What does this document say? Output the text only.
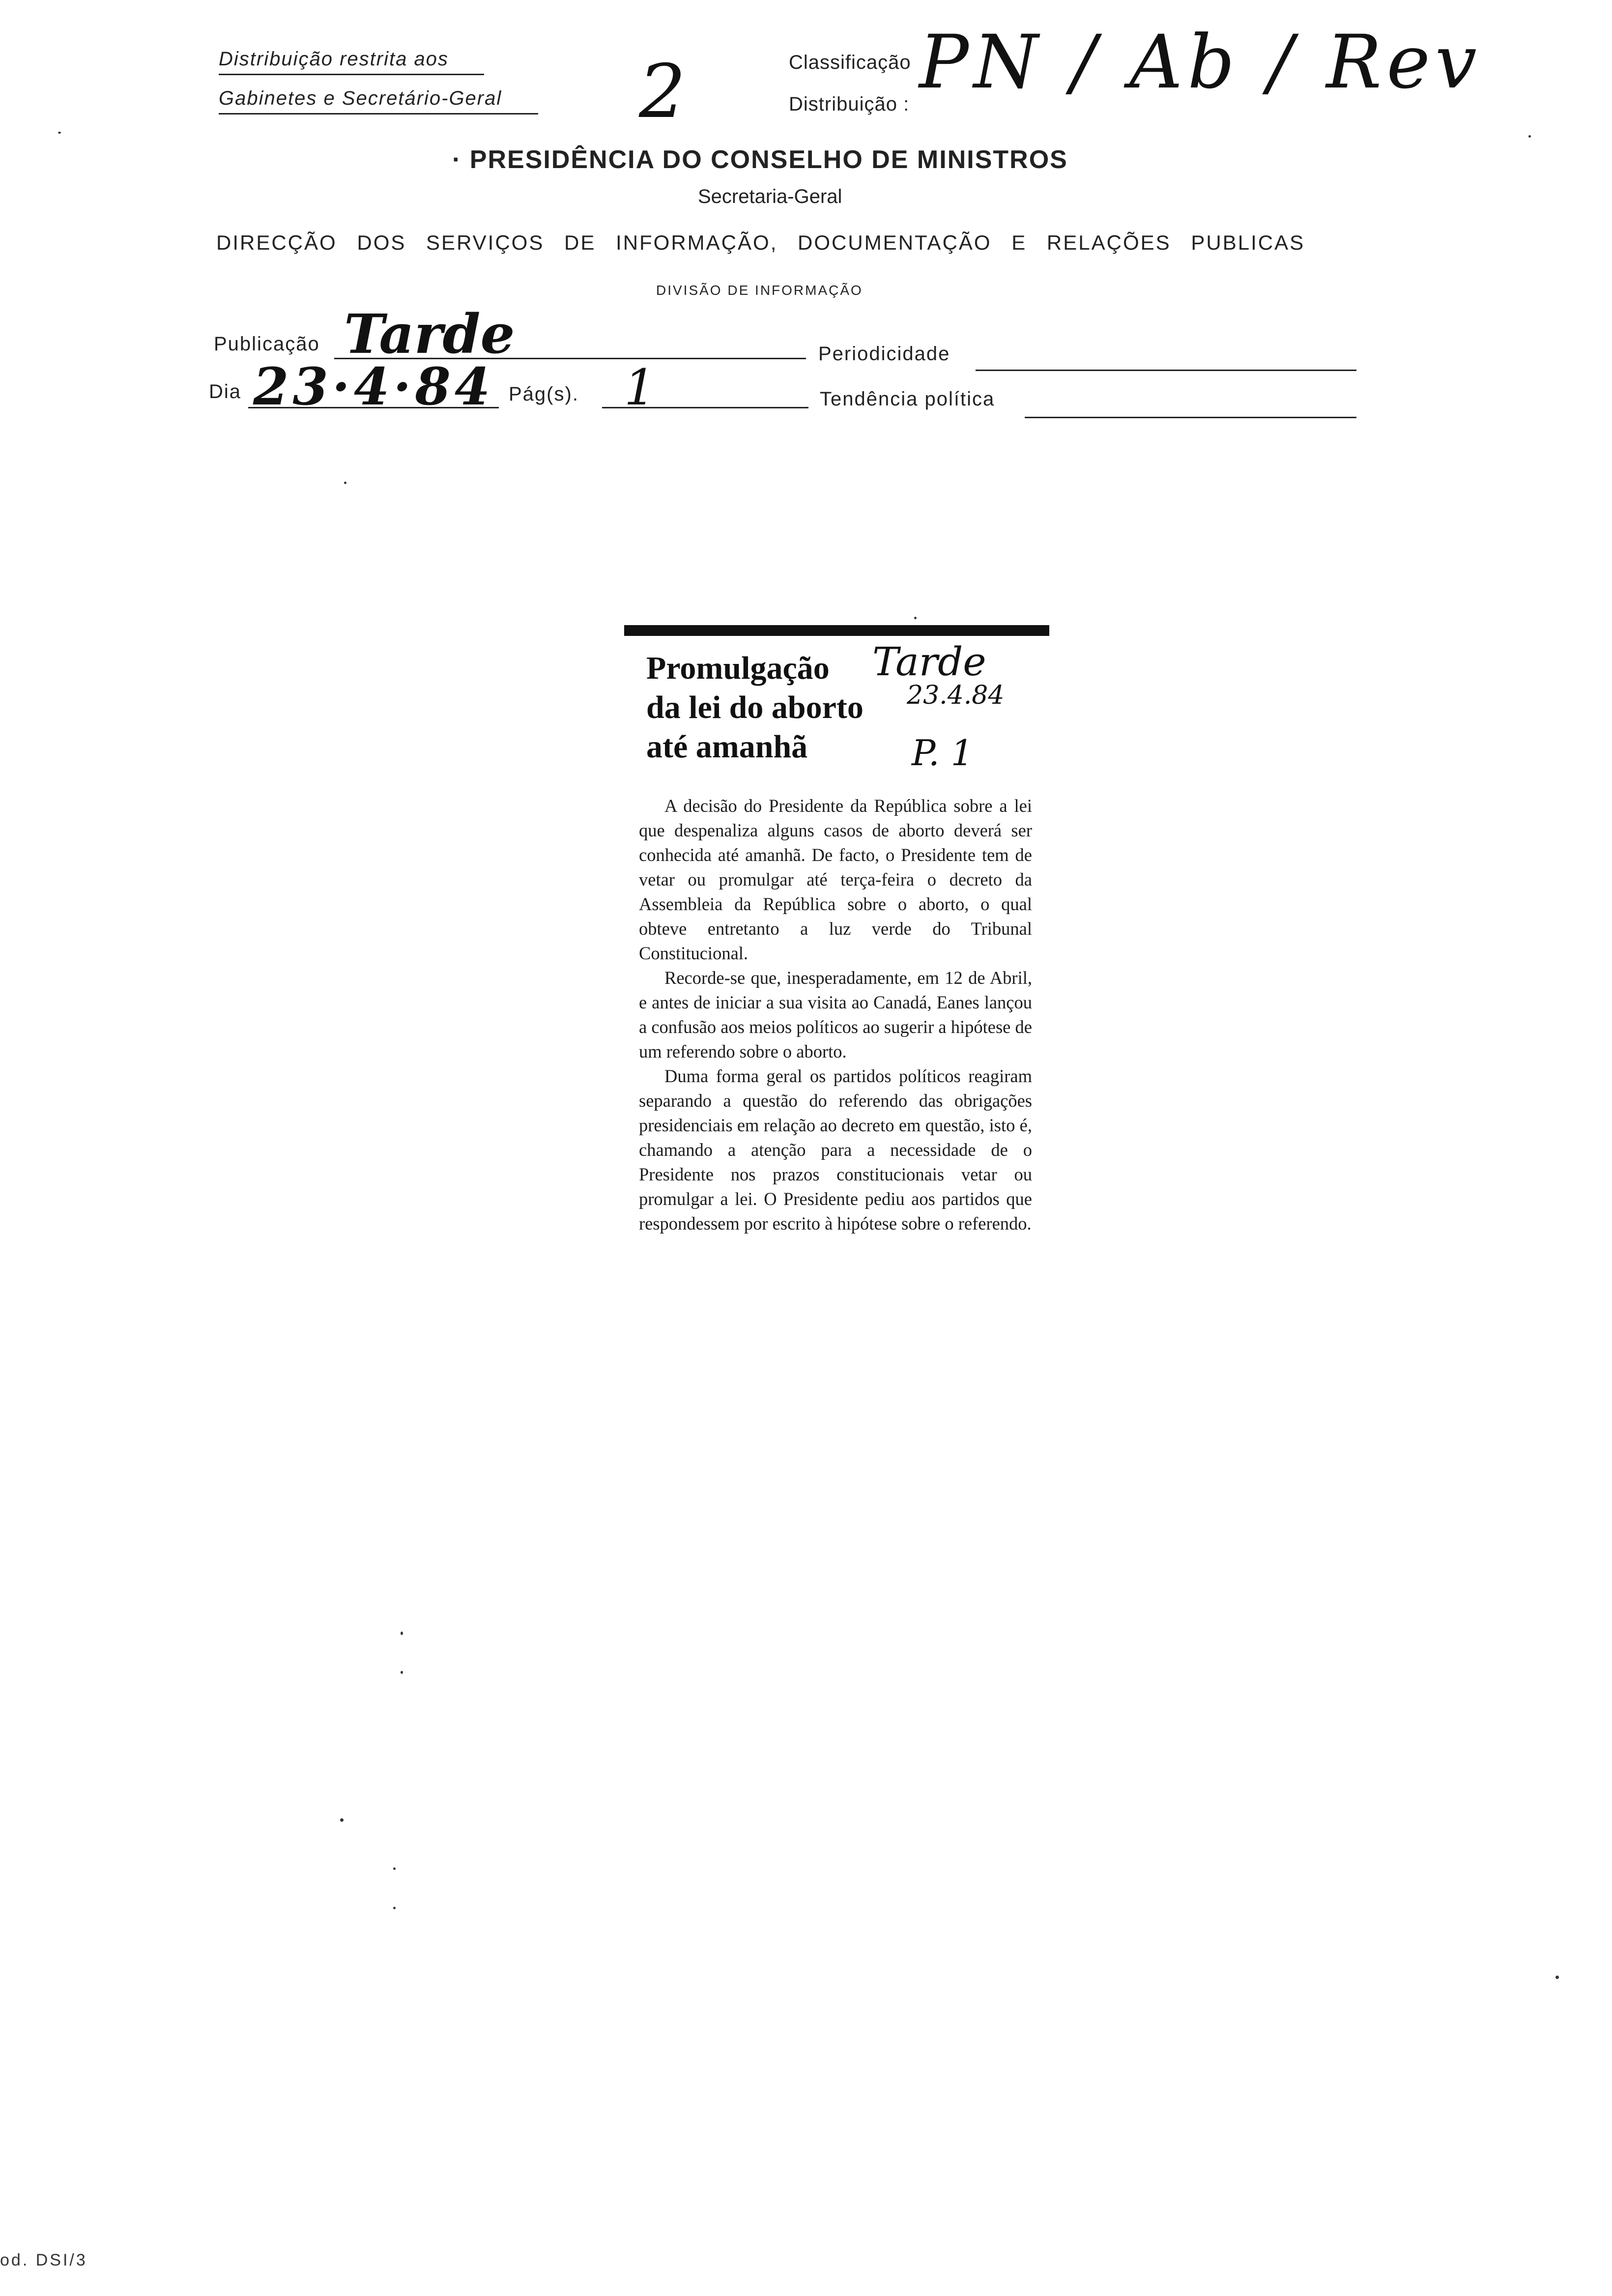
Distribuição restrita aos
Gabinetes e Secretário-Geral 2	Classificação
Distribuição : PN / Ab / Rev
· PRESIDÊNCIA DO CONSELHO DE MINISTROS
Secretaria-Geral
DIRECÇÃO DOS SERVIÇOS DE INFORMAÇÃO, DOCUMENTAÇÃO E RELAÇÕES PUBLICAS
DIVISÃO DE INFORMAÇÃO
Publicação Tarde	Periodicidade
Dia 23·4·84 Pág(s). 1	Tendência política
Promulgação
da lei do aborto
até amanhã
Tarde
23.4.84
P. 1

A decisão do Presidente da República sobre a lei que despenaliza alguns casos de aborto deverá ser conhecida até amanhã. De facto, o Presidente tem de vetar ou promulgar até terça-feira o decreto da Assembleia da República sobre o aborto, o qual obteve entretanto a luz verde do Tribunal Constitucional.

Recorde-se que, inesperadamente, em 12 de Abril, e antes de iniciar a sua visita ao Canadá, Eanes lançou a confusão aos meios políticos ao sugerir a hipótese de um referendo sobre o aborto.

Duma forma geral os partidos políticos reagiram separando a questão do referendo das obrigações presidenciais em relação ao decreto em questão, isto é, chamando a atenção para a necessidade de o Presidente nos prazos constitucionais vetar ou promulgar a lei. O Presidente pediu aos partidos que respondessem por escrito à hipótese sobre o referendo.

od. DSI/3
